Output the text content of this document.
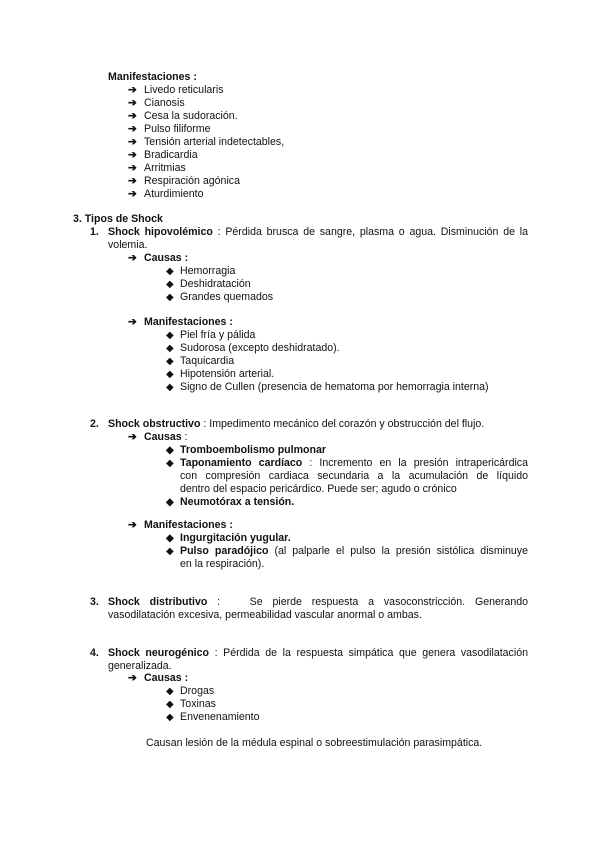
Manifestaciones :
➔ Livedo reticularis
➔ Cianosis
➔ Cesa la sudoración.
➔ Pulso filiforme
➔ Tensión arterial indetectables,
➔ Bradicardia
➔ Arritmias
➔ Respiración agónica
➔ Aturdimiento
3. Tipos de Shock
1. Shock hipovolémico : Pérdida brusca de sangre, plasma o agua. Disminución de la
volemia.
➔ Causas :
◆ Hemorragia
◆ Deshidratación
◆ Grandes quemados
➔ Manifestaciones :
◆ Piel fría y pálida
◆ Sudorosa (excepto deshidratado).
◆ Taquicardia
◆ Hipotensión arterial.
◆ Signo de Cullen (presencia de hematoma por hemorragia interna)
2. Shock obstructivo : Impedimento mecánico del corazón y obstrucción del flujo.
➔ Causas :
◆ Tromboembolismo pulmonar
◆ Taponamiento cardíaco : Incremento en la presión intrapericárdica
con compresión cardiaca secundaria a la acumulación de líquido
dentro del espacio pericárdico. Puede ser; agudo o crónico
◆ Neumotórax a tensión.
➔ Manifestaciones :
◆ Ingurgitación yugular.
◆ Pulso paradójico (al palparle el pulso la presión sistólica disminuye
en la respiración).
3. Shock distributivo :   Se pierde respuesta a vasoconstricción. Generando
vasodilatación excesiva, permeabilidad vascular anormal o ambas.
4. Shock neurogénico : Pérdida de la respuesta simpática que genera vasodilatación
generalizada.
➔ Causas :
◆ Drogas
◆ Toxinas
◆ Envenenamiento
Causan lesión de la médula espinal o sobreestimulación parasimpática.
